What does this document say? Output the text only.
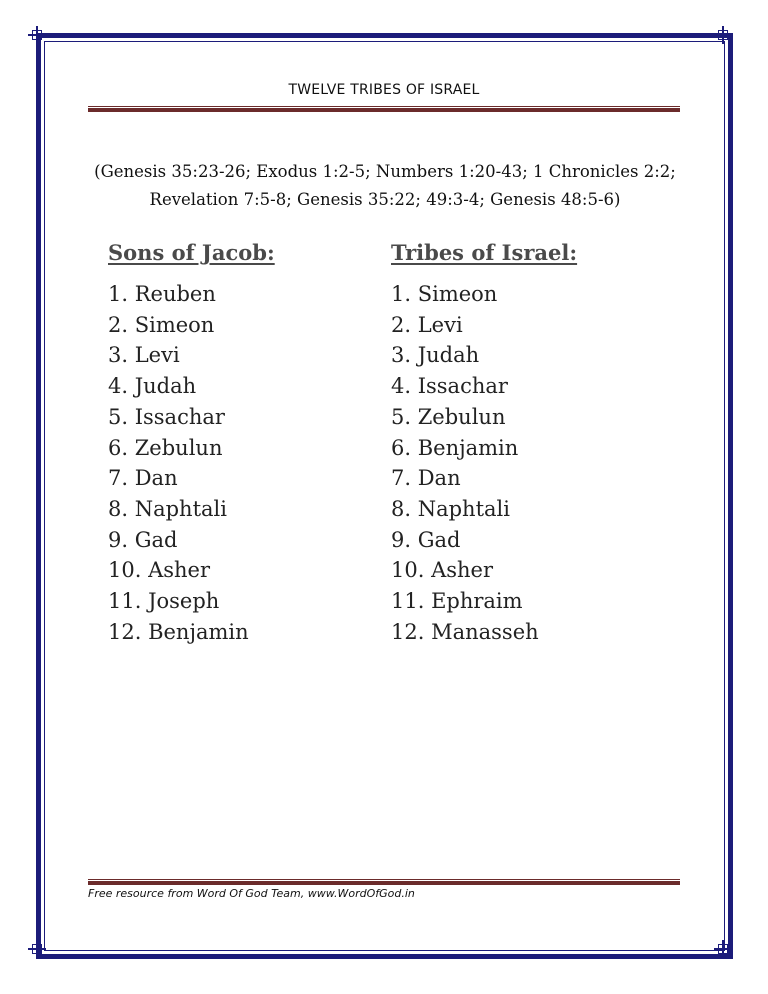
TWELVE TRIBES OF ISRAEL
(Genesis 35:23-26; Exodus 1:2-5; Numbers 1:20-43; 1 Chronicles 2:2;
Revelation 7:5-8; Genesis 35:22; 49:3-4; Genesis 48:5-6)
Sons of Jacob:
1. Reuben
2. Simeon
3. Levi
4. Judah
5. Issachar
6. Zebulun
7. Dan
8. Naphtali
9. Gad
10. Asher
11. Joseph
12. Benjamin
Tribes of Israel:
1. Simeon
2. Levi
3. Judah
4. Issachar
5. Zebulun
6. Benjamin
7. Dan
8. Naphtali
9. Gad
10. Asher
11. Ephraim
12. Manasseh
Free resource from Word Of God Team, www.WordOfGod.in
